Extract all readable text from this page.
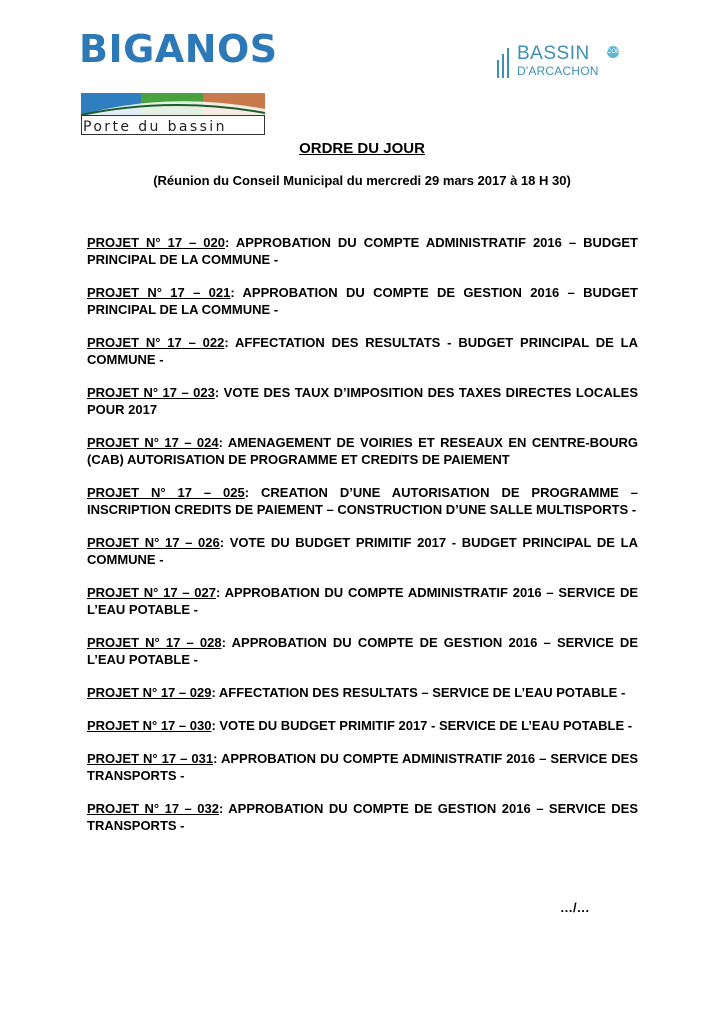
BIGANOS
Porte du bassin
BASSIN
D'ARCACHON
COBAS
ORDRE DU JOUR
(Réunion du Conseil Municipal du mercredi 29 mars 2017 à 18 H 30)

PROJET N° 17 – 020: APPROBATION DU COMPTE ADMINISTRATIF 2016 – BUDGET PRINCIPAL DE LA COMMUNE -

PROJET N° 17 – 021: APPROBATION DU COMPTE DE GESTION 2016 – BUDGET PRINCIPAL DE LA COMMUNE -

PROJET N° 17 – 022: AFFECTATION DES RESULTATS - BUDGET PRINCIPAL DE LA COMMUNE -

PROJET N° 17 – 023: VOTE DES TAUX D’IMPOSITION DES TAXES DIRECTES LOCALES POUR 2017

PROJET N° 17 – 024: AMENAGEMENT DE VOIRIES ET RESEAUX EN CENTRE-BOURG (CAB) AUTORISATION DE PROGRAMME ET CREDITS DE PAIEMENT

PROJET N° 17 – 025: CREATION D’UNE AUTORISATION DE PROGRAMME – INSCRIPTION CREDITS DE PAIEMENT – CONSTRUCTION D’UNE SALLE MULTISPORTS -

PROJET N° 17 – 026: VOTE DU BUDGET PRIMITIF 2017 - BUDGET PRINCIPAL DE LA COMMUNE -

PROJET N° 17 – 027: APPROBATION DU COMPTE ADMINISTRATIF 2016 – SERVICE DE L’EAU POTABLE -

PROJET N° 17 – 028: APPROBATION DU COMPTE DE GESTION 2016 – SERVICE DE L’EAU POTABLE -

PROJET N° 17 – 029: AFFECTATION DES RESULTATS – SERVICE DE L’EAU POTABLE -

PROJET N° 17 – 030: VOTE DU BUDGET PRIMITIF 2017 - SERVICE DE L’EAU POTABLE -

PROJET N° 17 – 031: APPROBATION DU COMPTE ADMINISTRATIF 2016 – SERVICE DES TRANSPORTS -

PROJET N° 17 – 032: APPROBATION DU COMPTE DE GESTION 2016 – SERVICE DES TRANSPORTS -

…/…
